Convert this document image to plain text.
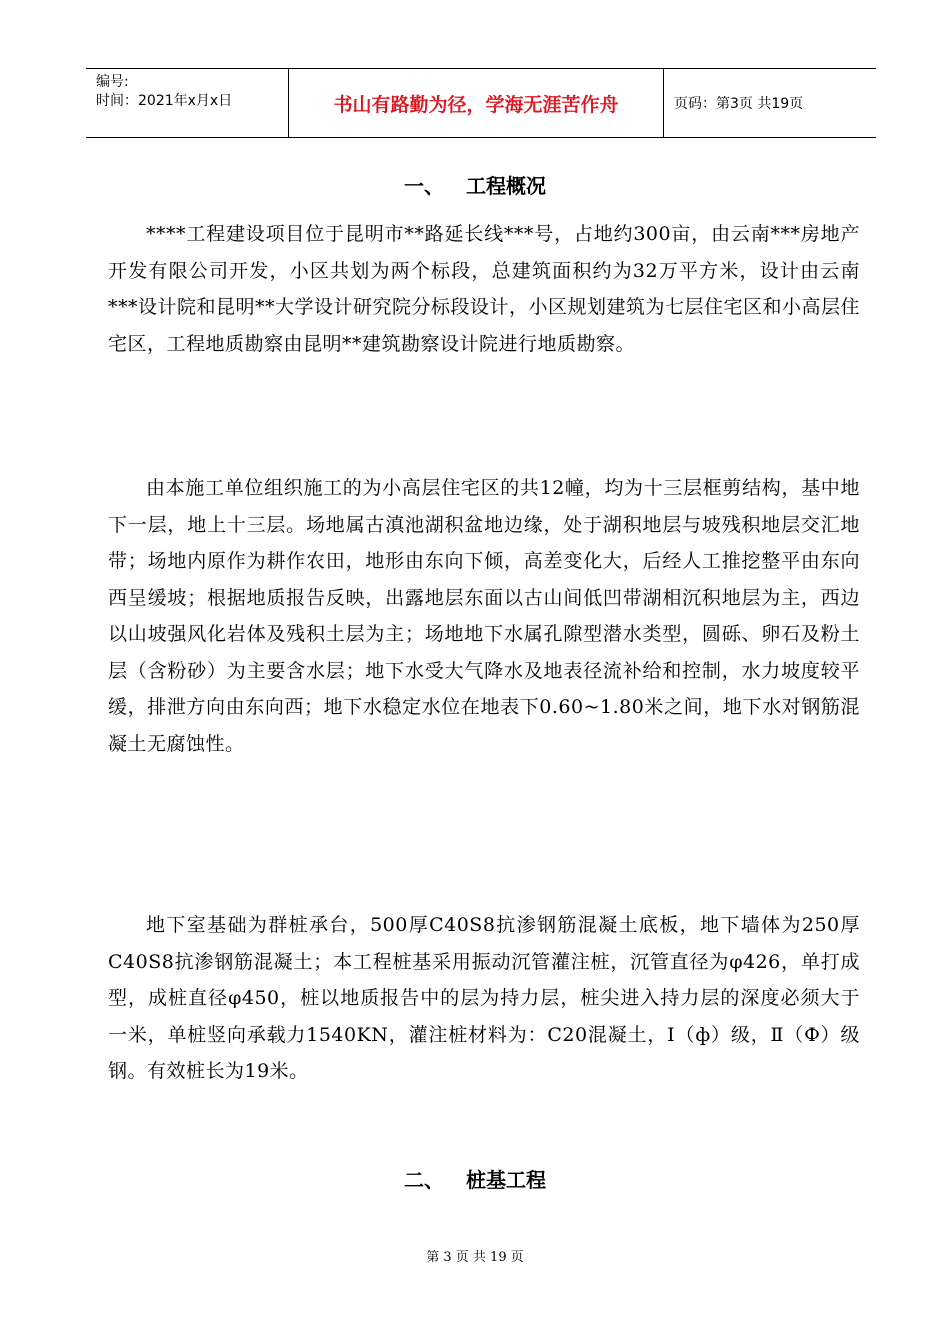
编号:
时间：2021年x月x日	书山有路勤为径，学海无涯苦作舟	页码：第3页 共19页
一、 工程概况
****工程建设项目位于昆明市**路延长线***号，占地约300亩，由云南***房地产开发有限公司开发，小区共划为两个标段，总建筑面积约为32万平方米，设计由云南***设计院和昆明**大学设计研究院分标段设计，小区规划建筑为七层住宅区和小高层住宅区，工程地质勘察由昆明**建筑勘察设计院进行地质勘察。
由本施工单位组织施工的为小高层住宅区的共12幢，均为十三层框剪结构，基中地下一层，地上十三层。场地属古滇池湖积盆地边缘，处于湖积地层与坡残积地层交汇地带；场地内原作为耕作农田，地形由东向下倾，高差变化大，后经人工推挖整平由东向西呈缓坡；根据地质报告反映，出露地层东面以古山间低凹带湖相沉积地层为主，西边以山坡强风化岩体及残积土层为主；场地地下水属孔隙型潜水类型，圆砾、卵石及粉土层（含粉砂）为主要含水层；地下水受大气降水及地表径流补给和控制，水力坡度较平缓，排泄方向由东向西；地下水稳定水位在地表下0.60~1.80米之间，地下水对钢筋混凝土无腐蚀性。
地下室基础为群桩承台，500厚C40S8抗渗钢筋混凝土底板，地下墙体为250厚C40S8抗渗钢筋混凝土；本工程桩基采用振动沉管灌注桩，沉管直径为φ426，单打成型，成桩直径φ450，桩以地质报告中的层为持力层，桩尖进入持力层的深度必须大于一米，单桩竖向承载力1540KN，灌注桩材料为：C20混凝土，Ⅰ（ф）级，Ⅱ（Ф）级钢。有效桩长为19米。
二、 桩基工程
第 3 页 共 19 页
